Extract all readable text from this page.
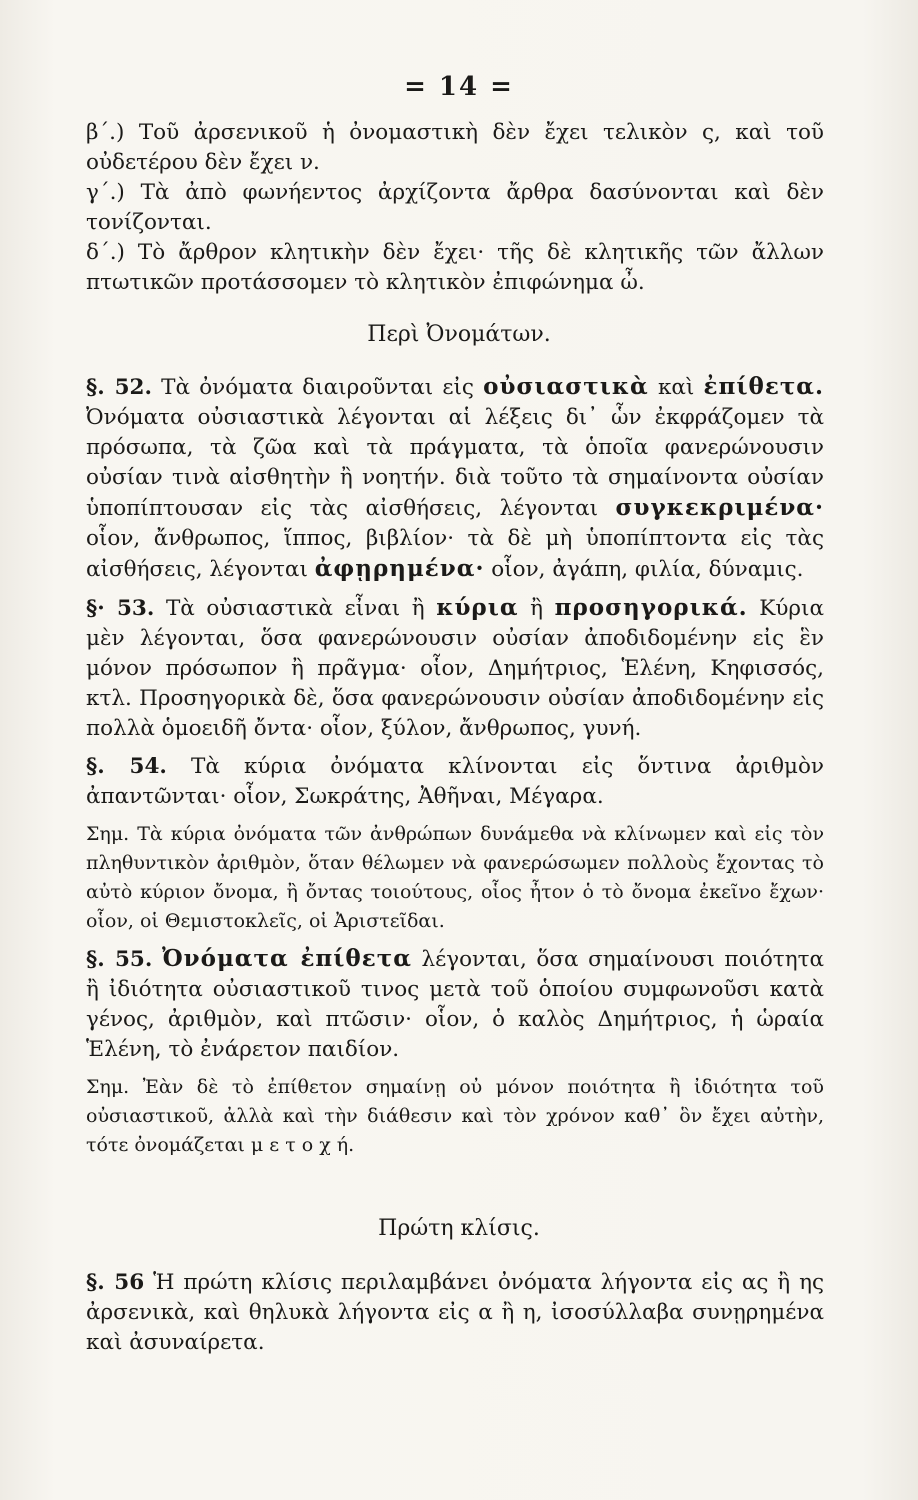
= 14 =

β΄.) Τοῦ ἀρσενικοῦ ἡ ὀνομαστικὴ δὲν ἔχει τελικὸν ς, καὶ τοῦ οὐδετέρου δὲν ἔχει ν.

γ΄.) Τὰ ἀπὸ φωνήεντος ἀρχίζοντα ἄρθρα δασύνονται καὶ δὲν τονίζονται.

δ΄.) Τὸ ἄρθρον κλητικὴν δὲν ἔχει· τῆς δὲ κλητικῆς τῶν ἄλλων πτωτικῶν προτάσσομεν τὸ κλητικὸν ἐπιφώνημα ὦ.

Περὶ Ὀνομάτων.

§. 52. Τὰ ὀνόματα διαιροῦνται εἰς οὐσιαστικὰ καὶ ἐπίθετα. Ὀνόματα οὐσιαστικὰ λέγονται αἱ λέξεις δι᾽ ὧν ἐκφράζομεν τὰ πρόσωπα, τὰ ζῶα καὶ τὰ πράγματα, τὰ ὁποῖα φανερώνουσιν οὐσίαν τινὰ αἰσθητὴν ἢ νοητήν. διὰ τοῦτο τὰ σημαίνοντα οὐσίαν ὑποπίπτουσαν εἰς τὰς αἰσθήσεις, λέγονται συγκεκριμένα· οἷον, ἄνθρωπος, ἵππος, βιβλίον· τὰ δὲ μὴ ὑποπίπτοντα εἰς τὰς αἰσθήσεις, λέγονται ἀφῃρημένα· οἷον, ἀγάπη, φιλία, δύναμις.

§· 53. Τὰ οὐσιαστικὰ εἶναι ἢ κύρια ἢ προσηγορικά. Κύρια μὲν λέγονται, ὅσα φανερώνουσιν οὐσίαν ἀποδιδομένην εἰς ἓν μόνον πρόσωπον ἢ πρᾶγμα· οἷον, Δημήτριος, Ἑλένη, Κηφισσός, κτλ. Προσηγορικὰ δὲ, ὅσα φανερώνουσιν οὐσίαν ἀποδιδομένην εἰς πολλὰ ὁμοειδῆ ὄντα· οἷον, ξύλον, ἄνθρωπος, γυνή.

§. 54. Τὰ κύρια ὀνόματα κλίνονται εἰς ὅντινα ἀριθμὸν ἀπαντῶνται· οἷον, Σωκράτης, Ἀθῆναι, Μέγαρα.

Σημ. Τὰ κύρια ὀνόματα τῶν ἀνθρώπων δυνάμεθα νὰ κλίνωμεν καὶ εἰς τὸν πληθυντικὸν ἀριθμὸν, ὅταν θέλωμεν νὰ φανερώσωμεν πολλοὺς ἔχοντας τὸ αὐτὸ κύριον ὄνομα, ἢ ὄντας τοιούτους, οἷος ἦτον ὁ τὸ ὄνομα ἐκεῖνο ἔχων· οἷον, οἱ Θεμιστοκλεῖς, οἱ Ἀριστεῖδαι.

§. 55. Ὀνόματα ἐπίθετα λέγονται, ὅσα σημαίνουσι ποιότητα ἢ ἰδιότητα οὐσιαστικοῦ τινος μετὰ τοῦ ὁποίου συμφωνοῦσι κατὰ γένος, ἀριθμὸν, καὶ πτῶσιν· οἷον, ὁ καλὸς Δημήτριος, ἡ ὡραία Ἑλένη, τὸ ἐνάρετον παιδίον.

Σημ. Ἐὰν δὲ τὸ ἐπίθετον σημαίνῃ οὐ μόνον ποιότητα ἢ ἰδιότητα τοῦ οὐσιαστικοῦ, ἀλλὰ καὶ τὴν διάθεσιν καὶ τὸν χρόνον καθ᾽ ὃν ἔχει αὐτὴν, τότε ὀνομάζεται μ ε τ ο χ ή.

Πρώτη κλίσις.

§. 56 Ἡ πρώτη κλίσις περιλαμβάνει ὀνόματα λήγοντα εἰς ας ἢ ης ἀρσενικὰ, καὶ θηλυκὰ λήγοντα εἰς α ἢ η, ἰσοσύλλαβα συνῃρημένα καὶ ἀσυναίρετα.
